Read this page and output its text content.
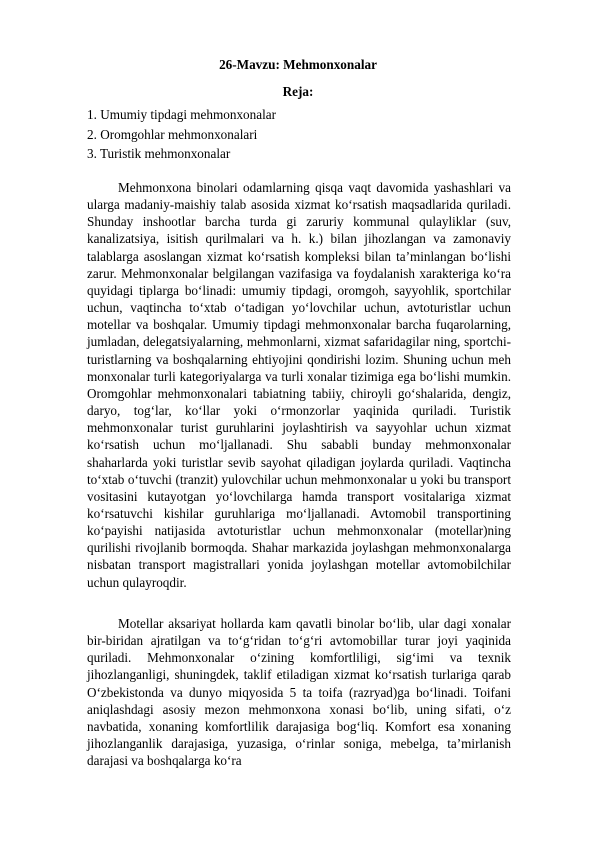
26-Mavzu: Mehmonxonalar
Reja:
1. Umumiy tipdagi mehmonxonalar
2. Oromgohlar mehmonxonalari
3. Turistik mehmonxonalar

Mehmonxona binolari odamlarning qisqa vaqt davomida yashashlari va ularga madaniy-maishiy talab asosida xizmat ko‘rsatish maqsadlarida quriladi. Shunday inshootlar barcha turda gi zaruriy kommunal qulayliklar (suv, kanalizatsiya, isitish qurilmalari va h. k.) bilan jihozlangan va zamonaviy talablarga asoslangan xizmat ko‘rsatish kompleksi bilan ta’minlangan bo‘lishi zarur. Mehmonxonalar belgilangan vazifasiga va foydalanish xarakteriga ko‘ra quyidagi tiplarga bo‘linadi: umumiy tipdagi, oromgoh, sayyohlik, sportchilar uchun, vaqtincha to‘xtab o‘tadigan yo‘lovchilar uchun, avtoturistlar uchun motellar va boshqalar. Umumiy tipdagi mehmonxonalar barcha fuqarolarning, jumladan, delegatsiyalarning, mehmonlarni, xizmat safaridagilar ning, sportchi-turistlarning va boshqalarning ehtiyojini qondirishi lozim. Shuning uchun meh monxonalar turli kategoriyalarga va turli xonalar tizimiga ega bo‘lishi mumkin. Oromgohlar mehmonxonalari tabiatning tabiiy, chiroyli go‘shalarida, dengiz, daryo, tog‘lar, ko‘llar yoki o‘rmonzorlar yaqinida quriladi. Turistik mehmonxonalar turist guruhlarini joylashtirish va sayyohlar uchun xizmat ko‘rsatish uchun mo‘ljallanadi. Shu sababli bunday mehmonxonalar shaharlarda yoki turistlar sevib sayohat qiladigan joylarda quriladi. Vaqtincha to‘xtab o‘tuvchi (tranzit) yulovchilar uchun mehmonxonalar u yoki bu transport vositasini kutayotgan yo‘lovchilarga hamda transport vositalariga xizmat ko‘rsatuvchi kishilar guruhlariga mo‘ljallanadi. Avtomobil transportining ko‘payishi natijasida avtoturistlar uchun mehmonxonalar (motellar)ning qurilishi rivojlanib bormoqda. Shahar markazida joylashgan mehmonxonalarga nisbatan transport magistrallari yonida joylashgan motellar avtomobilchilar uchun qulayroqdir.

Motellar aksariyat hollarda kam qavatli binolar bo‘lib, ular dagi xonalar bir-biridan ajratilgan va to‘g‘ridan to‘g‘ri avtomobillar turar joyi yaqinida quriladi. Mehmonxonalar o‘zining komfortliligi, sig‘imi va texnik jihozlanganligi, shuningdek, taklif etiladigan xizmat ko‘rsatish turlariga qarab O‘zbekistonda va dunyo miqyosida 5 ta toifa (razryad)ga bo‘linadi. Toifani aniqlashdagi asosiy mezon mehmonxona xonasi bo‘lib, uning sifati, o‘z navbatida, xonaning komfortlilik darajasiga bog‘liq. Komfort esa xonaning jihozlanganlik darajasiga, yuzasiga, o‘rinlar soniga, mebelga, ta’mirlanish darajasi va boshqalarga ko‘ra
